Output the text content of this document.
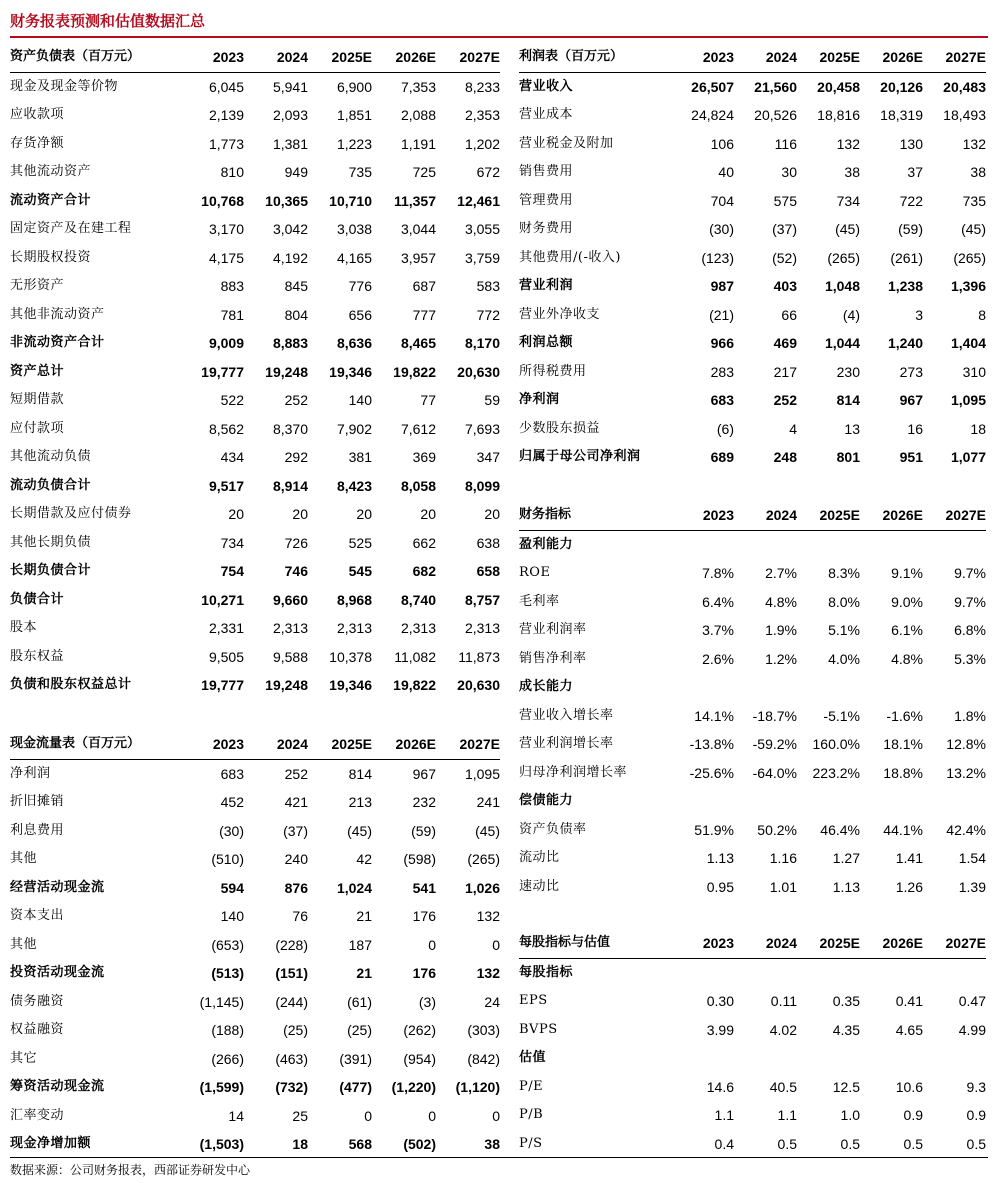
财务报表预测和估值数据汇总
资产负债表（百万元）	2023	2024	2025E	2026E	2027E
现金及现金等价物	6,045	5,941	6,900	7,353	8,233
应收款项	2,139	2,093	1,851	2,088	2,353
存货净额	1,773	1,381	1,223	1,191	1,202
其他流动资产	810	949	735	725	672
流动资产合计	10,768	10,365	10,710	11,357	12,461
固定资产及在建工程	3,170	3,042	3,038	3,044	3,055
长期股权投资	4,175	4,192	4,165	3,957	3,759
无形资产	883	845	776	687	583
其他非流动资产	781	804	656	777	772
非流动资产合计	9,009	8,883	8,636	8,465	8,170
资产总计	19,777	19,248	19,346	19,822	20,630
短期借款	522	252	140	77	59
应付款项	8,562	8,370	7,902	7,612	7,693
其他流动负债	434	292	381	369	347
流动负债合计	9,517	8,914	8,423	8,058	8,099
长期借款及应付债券	20	20	20	20	20
其他长期负债	734	726	525	662	638
长期负债合计	754	746	545	682	658
负债合计	10,271	9,660	8,968	8,740	8,757
股本	2,331	2,313	2,313	2,313	2,313
股东权益	9,505	9,588	10,378	11,082	11,873
负债和股东权益总计	19,777	19,248	19,346	19,822	20,630
现金流量表（百万元）	2023	2024	2025E	2026E	2027E
净利润	683	252	814	967	1,095
折旧摊销	452	421	213	232	241
利息费用	(30)	(37)	(45)	(59)	(45)
其他	(510)	240	42	(598)	(265)
经营活动现金流	594	876	1,024	541	1,026
资本支出	140	76	21	176	132
其他	(653)	(228)	187	0	0
投资活动现金流	(513)	(151)	21	176	132
债务融资	(1,145)	(244)	(61)	(3)	24
权益融资	(188)	(25)	(25)	(262)	(303)
其它	(266)	(463)	(391)	(954)	(842)
筹资活动现金流	(1,599)	(732)	(477)	(1,220)	(1,120)
汇率变动	14	25	0	0	0
现金净增加额	(1,503)	18	568	(502)	38
利润表（百万元）	2023	2024	2025E	2026E	2027E
营业收入	26,507	21,560	20,458	20,126	20,483
营业成本	24,824	20,526	18,816	18,319	18,493
营业税金及附加	106	116	132	130	132
销售费用	40	30	38	37	38
管理费用	704	575	734	722	735
财务费用	(30)	(37)	(45)	(59)	(45)
其他费用/(-收入)	(123)	(52)	(265)	(261)	(265)
营业利润	987	403	1,048	1,238	1,396
营业外净收支	(21)	66	(4)	3	8
利润总额	966	469	1,044	1,240	1,404
所得税费用	283	217	230	273	310
净利润	683	252	814	967	1,095
少数股东损益	(6)	4	13	16	18
归属于母公司净利润	689	248	801	951	1,077
财务指标	2023	2024	2025E	2026E	2027E
盈利能力					
ROE	7.8%	2.7%	8.3%	9.1%	9.7%
毛利率	6.4%	4.8%	8.0%	9.0%	9.7%
营业利润率	3.7%	1.9%	5.1%	6.1%	6.8%
销售净利率	2.6%	1.2%	4.0%	4.8%	5.3%
成长能力					
营业收入增长率	14.1%	-18.7%	-5.1%	-1.6%	1.8%
营业利润增长率	-13.8%	-59.2%	160.0%	18.1%	12.8%
归母净利润增长率	-25.6%	-64.0%	223.2%	18.8%	13.2%
偿债能力					
资产负债率	51.9%	50.2%	46.4%	44.1%	42.4%
流动比	1.13	1.16	1.27	1.41	1.54
速动比	0.95	1.01	1.13	1.26	1.39
每股指标与估值	2023	2024	2025E	2026E	2027E
每股指标					
EPS	0.30	0.11	0.35	0.41	0.47
BVPS	3.99	4.02	4.35	4.65	4.99
估值					
P/E	14.6	40.5	12.5	10.6	9.3
P/B	1.1	1.1	1.0	0.9	0.9
P/S	0.4	0.5	0.5	0.5	0.5
数据来源：公司财务报表，西部证券研发中心
